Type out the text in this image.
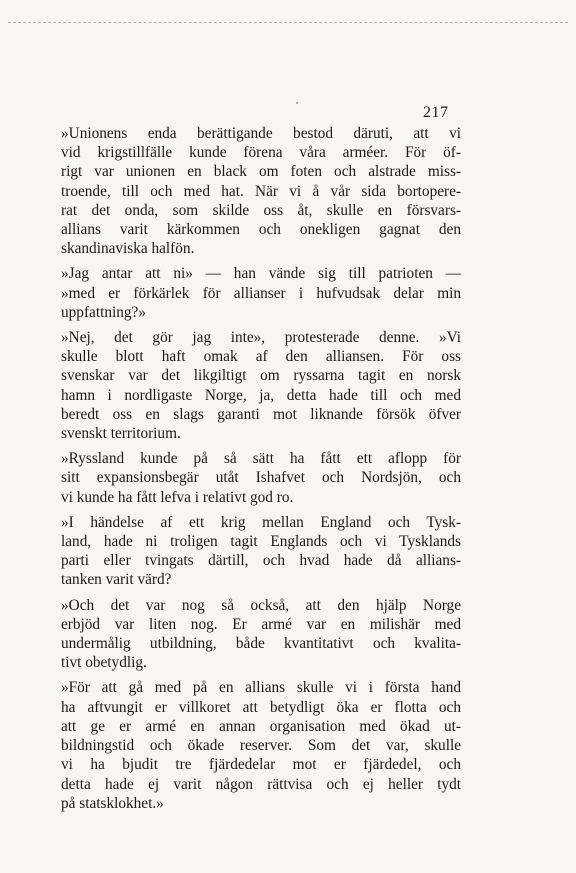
217
»Unionens enda berättigande bestod däruti, att vi
vid krigstillfälle kunde förena våra arméer. För öf-
rigt var unionen en black om foten och alstrade miss-
troende, till och med hat. När vi å vår sida bortopere-
rat det onda, som skilde oss åt, skulle en försvars-
allians varit kärkommen och onekligen gagnat den
skandinaviska halfön.
»Jag antar att ni» — han vände sig till patrioten —
»med er förkärlek för allianser i hufvudsak delar min
uppfattning?»
»Nej, det gör jag inte», protesterade denne. »Vi
skulle blott haft omak af den alliansen. För oss
svenskar var det likgiltigt om ryssarna tagit en norsk
hamn i nordligaste Norge, ja, detta hade till och med
beredt oss en slags garanti mot liknande försök öfver
svenskt territorium.
»Ryssland kunde på så sätt ha fått ett aflopp för
sitt expansionsbegär utåt Ishafvet och Nordsjön, och
vi kunde ha fått lefva i relativt god ro.
»I händelse af ett krig mellan England och Tysk-
land, hade ni troligen tagit Englands och vi Tysklands
parti eller tvingats därtill, och hvad hade då allians-
tanken varit värd?
»Och det var nog så också, att den hjälp Norge
erbjöd var liten nog. Er armé var en milishär med
undermålig utbildning, både kvantitativt och kvalita-
tivt obetydlig.
»För att gå med på en allians skulle vi i första hand
ha aftvungit er villkoret att betydligt öka er flotta och
att ge er armé en annan organisation med ökad ut-
bildningstid och ökade reserver. Som det var, skulle
vi ha bjudit tre fjärdedelar mot er fjärdedel, och
detta hade ej varit någon rättvisa och ej heller tydt
på statsklokhet.»
